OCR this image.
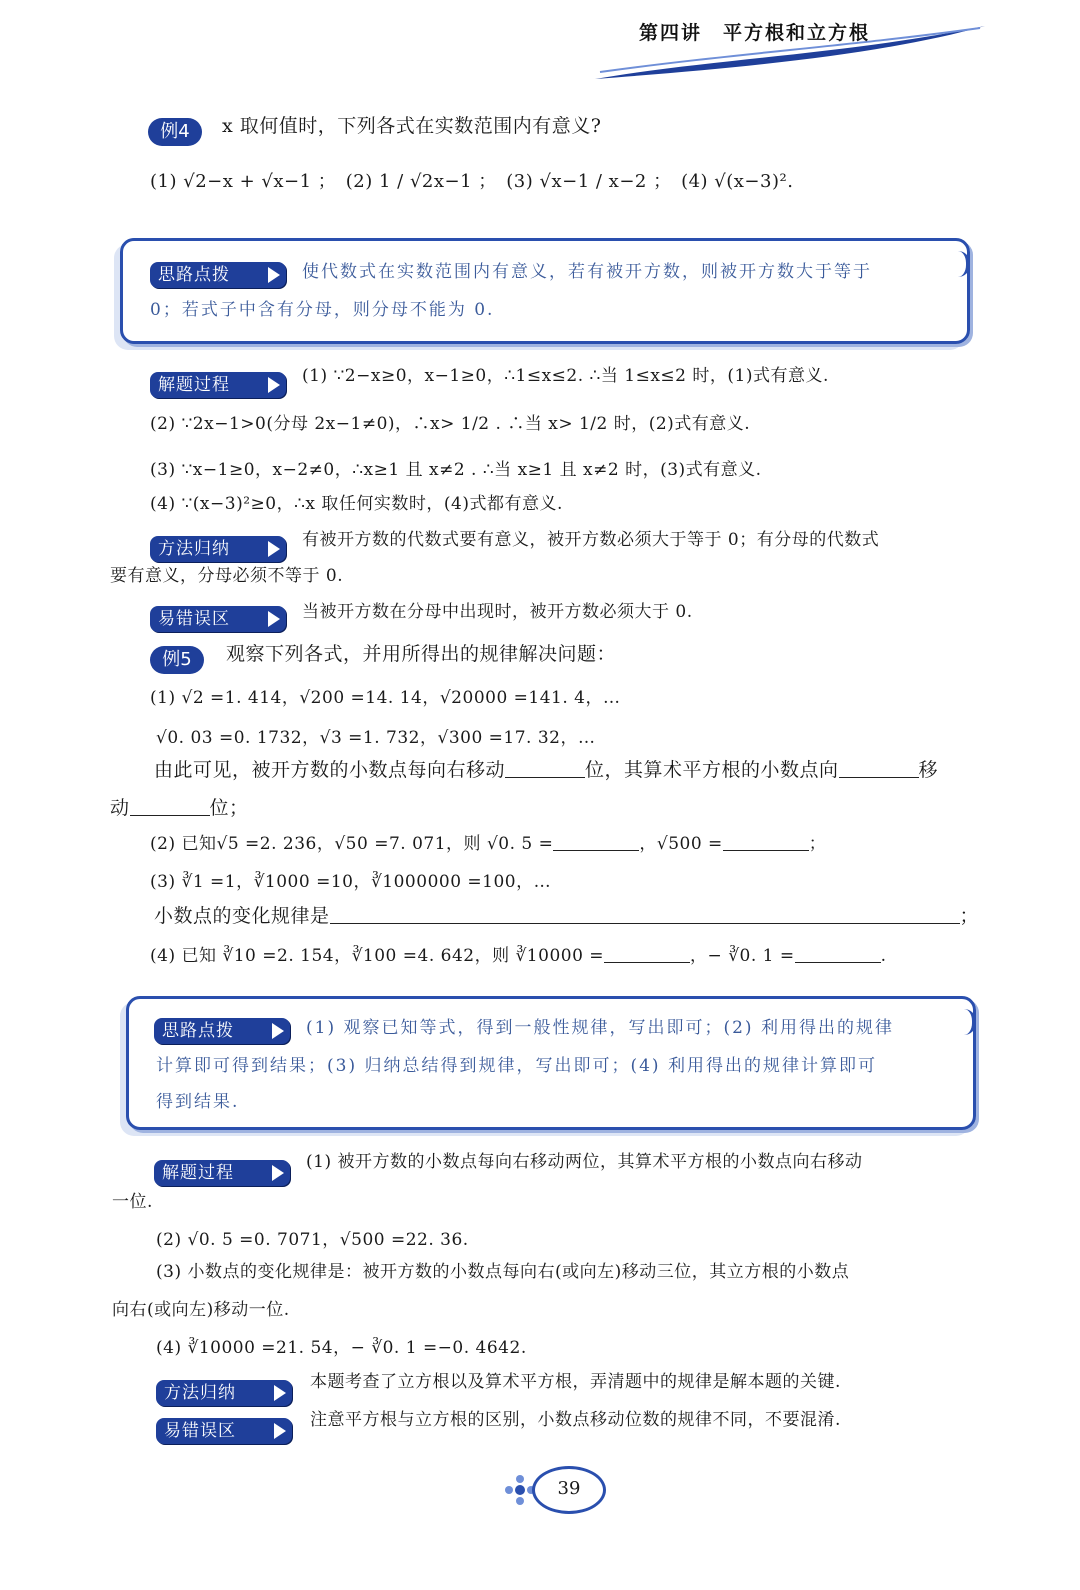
第四讲　平方根和立方根
例4	x 取何值时，下列各式在实数范围内有意义?
(1) √2−x + √x−1 ；　(2) 1 / √2x−1 ；　(3) √x−1 / x−2 ；　(4) √(x−3)².
思路点拨	使代数式在实数范围内有意义，若有被开方数，则被开方数大于等于
0；若式子中含有分母，则分母不能为 0.
解题过程	(1) ∵2−x≥0，x−1≥0，∴1≤x≤2. ∴当 1≤x≤2 时，(1)式有意义.
(2) ∵2x−1>0(分母 2x−1≠0)，∴x> 1/2 . ∴当 x> 1/2 时，(2)式有意义.
(3) ∵x−1≥0，x−2≠0，∴x≥1 且 x≠2 . ∴当 x≥1 且 x≠2 时，(3)式有意义.
(4) ∵(x−3)²≥0，∴x 取任何实数时，(4)式都有意义.
方法归纳	有被开方数的代数式要有意义，被开方数必须大于等于 0；有分母的代数式
要有意义，分母必须不等于 0.
易错误区	当被开方数在分母中出现时，被开方数必须大于 0.
例5	观察下列各式，并用所得出的规律解决问题：
(1) √2 =1. 414，√200 =14. 14，√20000 =141. 4，…
√0. 03 =0. 1732，√3 =1. 732，√300 =17. 32，…
由此可见，被开方数的小数点每向右移动	位，其算术平方根的小数点向	移
动	位；
(2) 已知√5 =2. 236，√50 =7. 071，则 √0. 5 =	，√500 =	；
(3) ∛1 =1，∛1000 =10，∛1000000 =100，…
小数点的变化规律是	；
(4) 已知 ∛10 =2. 154，∛100 =4. 642，则 ∛10000 =	，− ∛0. 1 =	.
思路点拨	(1) 观察已知等式，得到一般性规律，写出即可；(2) 利用得出的规律
计算即可得到结果；(3) 归纳总结得到规律，写出即可；(4) 利用得出的规律计算即可
得到结果.
解题过程
(1) 被开方数的小数点每向右移动两位，其算术平方根的小数点向右移动
一位.
(2) √0. 5 =0. 7071，√500 =22. 36.
(3) 小数点的变化规律是：被开方数的小数点每向右(或向左)移动三位，其立方根的小数点
向右(或向左)移动一位.
(4) ∛10000 =21. 54，− ∛0. 1 =−0. 4642.
方法归纳
本题考查了立方根以及算术平方根，弄清题中的规律是解本题的关键.
易错误区
注意平方根与立方根的区别，小数点移动位数的规律不同，不要混淆.
39
